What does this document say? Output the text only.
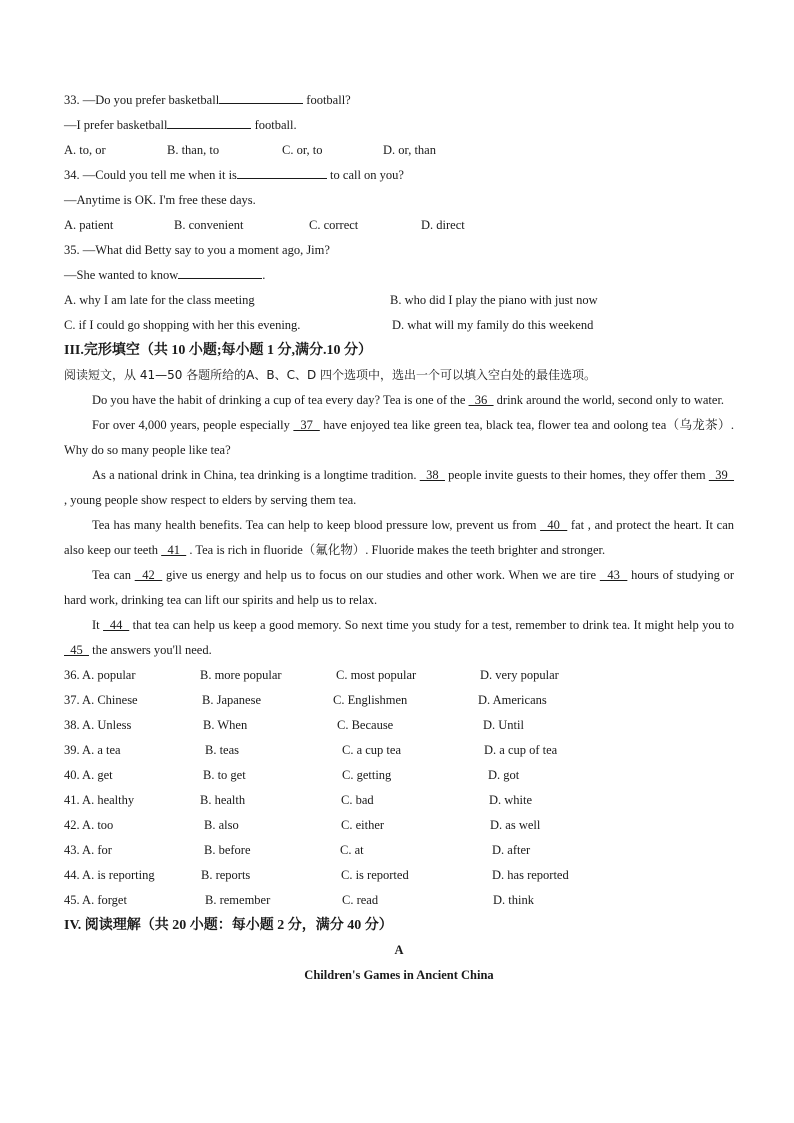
33. —Do you prefer basketball	football?
—I prefer basketball	football.
A. to, or	B. than, to	C. or, to	D. or, than
34. —Could you tell me when it is	to call on you?
—Anytime is OK. I'm free these days.
A. patient	B. convenient	C. correct	D. direct
35. —What did Betty say to you a moment ago, Jim?
—She wanted to know	.
A. why I am late for the class meeting	B. who did I play the piano with just now
C. if I could go shopping with her this evening.	D. what will my family do this weekend
III.完形填空（共 10 小题;每小题 1 分,满分.10 分）
阅读短文，从 41—50 各题所给的A、B、C、D 四个选项中，选出一个可以填入空白处的最佳选项。
Do you have the habit of drinking a cup of tea every day? Tea is one of the   36   drink around the world, second only to water.
For over 4,000 years, people especially   37   have enjoyed tea like green tea, black tea, flower tea and oolong tea（乌龙茶）. Why do so many people like tea?
As a national drink in China, tea drinking is a longtime tradition.   38   people invite guests to their homes, they offer them   39   , young people show respect to elders by serving them tea.
Tea has many health benefits. Tea can help to keep blood pressure low, prevent us from   40   fat , and protect the heart. It can also keep our teeth   41   . Tea is rich in fluoride（氟化物）. Fluoride makes the teeth brighter and stronger.
Tea can   42   give us energy and help us to focus on our studies and other work. When we are tire   43   hours of studying or hard work, drinking tea can lift our spirits and help us to relax.
It   44   that tea can help us keep a good memory. So next time you study for a test, remember to drink tea. It might help you to   45   the answers you'll need.
36. A. popular	B. more popular	C. most popular	D. very popular
37. A. Chinese	B. Japanese	C. Englishmen	D. Americans
38. A. Unless	B. When	C. Because	D. Until
39. A. a tea	B. teas	C. a cup tea	D. a cup of tea
40. A. get	B. to get	C. getting	D. got
41. A. healthy	B. health	C. bad	D. white
42. A. too	B. also	C. either	D. as well
43. A. for	B. before	C. at	D. after
44. A. is reporting	B. reports	C. is reported	D. has reported
45. A. forget	B. remember	C. read	D. think
IV. 阅读理解（共 20 小题：每小题 2 分，满分 40 分）
A
Children's Games in Ancient China
